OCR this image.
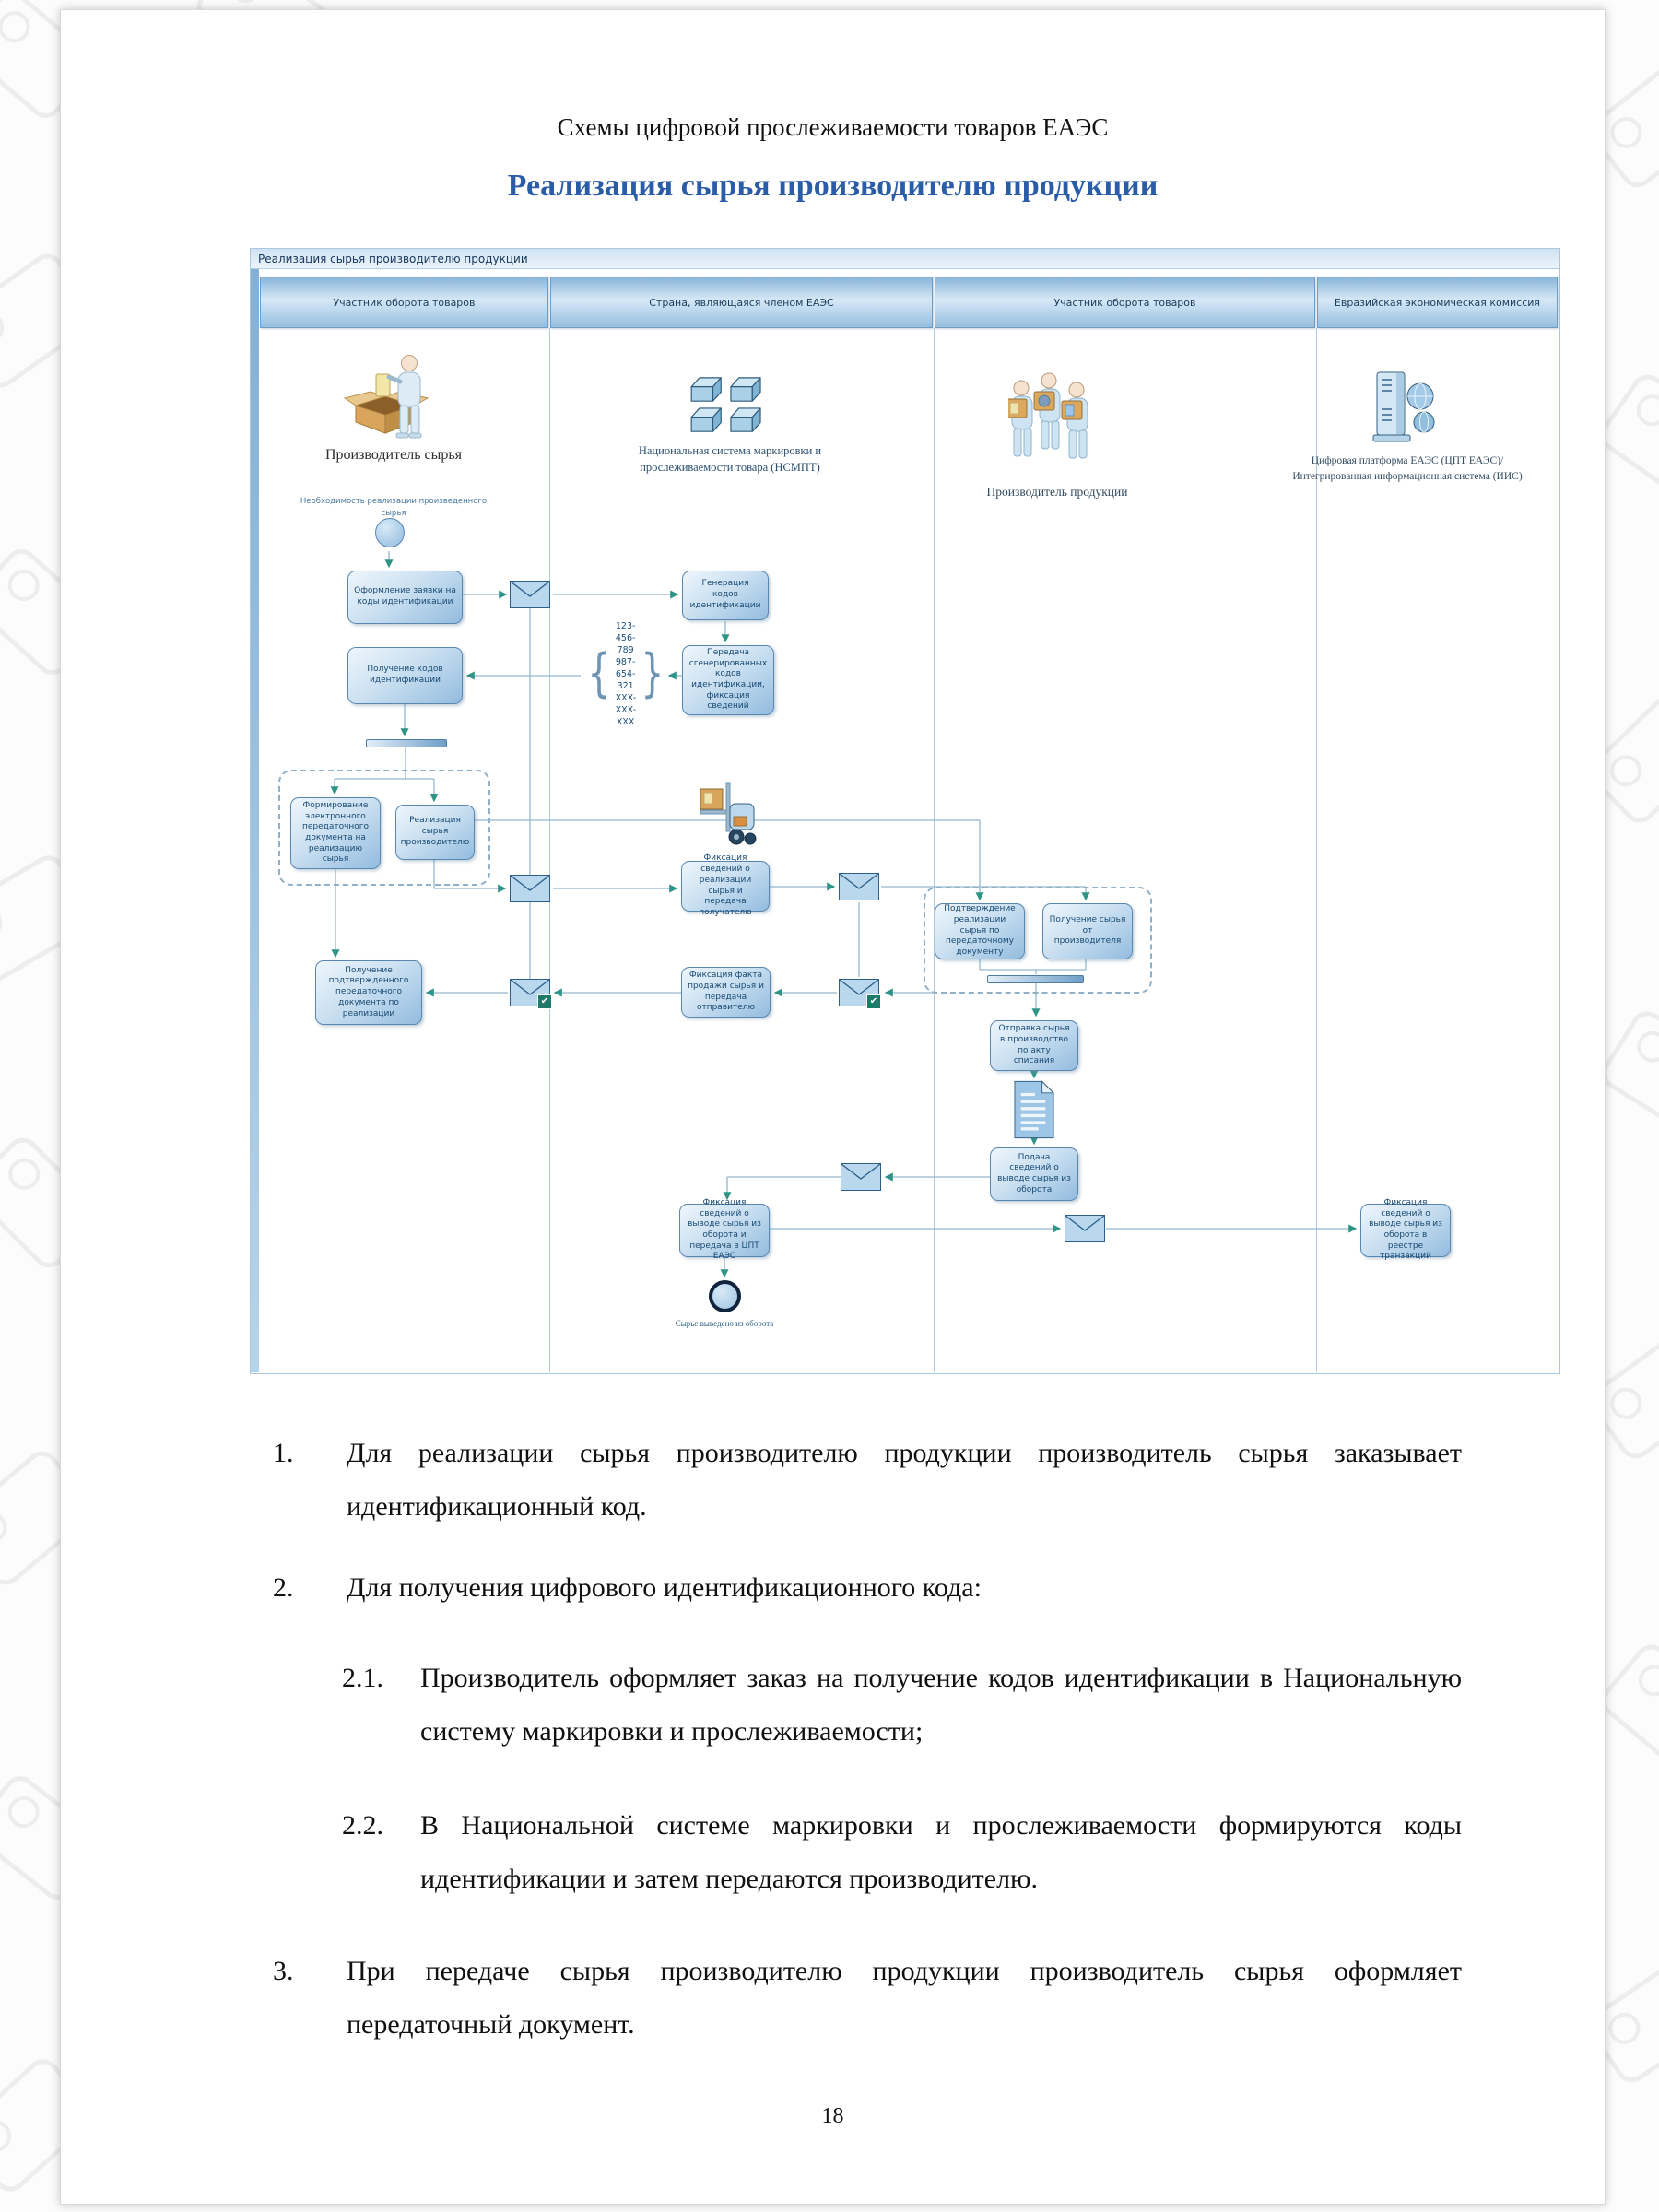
Схемы цифровой прослеживаемости товаров ЕАЭС
Реализация сырья производителю продукции
Реализация сырья производителю продукции
Участник оборота товаров	Страна, являющаяся членом ЕАЭС	Участник оборота товаров	Евразийская экономическая комиссия
Производитель сырья
Необходимость реализации произведенного сырья
Национальная система маркировки и прослеживаемости товара (НСМПТ)
Производитель продукции
Цифровая платформа ЕАЭС (ЦПТ ЕАЭС)/ Интегрированная информационная система (ИИС)
Оформление заявки на коды идентификации
Получение кодов идентификации
Формирование электронного передаточного документа на реализацию сырья
Реализация сырья производителю
Получение подтвержденного передаточного документа по реализации
Генерация кодов идентификации
Передача сгенерированных кодов идентификации, фиксация сведений
{
123-456-789
987-654-321
XXX-XXX-XXX
}
Фиксация сведений о реализации сырья и передача получателю
Фиксация факта продажи сырья и передача отправителю
Фиксация сведений о выводе сырья из оборота и передача в ЦПТ ЕАЭС
Сырье выведено из оборота
Подтверждение реализации сырья по передаточному документу
Получение сырья от производителя
Отправка сырья в производство по акту списания
Подача сведений о выводе сырья из оборота
Фиксация сведений о выводе сырья из оборота в реестре транзакций
✔	✔
1.	Для реализации сырья производителю продукции производитель сырья заказывает идентификационный код.
2.	Для получения цифрового идентификационного кода:
2.1.	Производитель оформляет заказ на получение кодов идентификации в Национальную систему маркировки и прослеживаемости;
2.2.	В Национальной системе маркировки и прослеживаемости формируются коды идентификации и затем передаются производителю.
3.	При передаче сырья производителю продукции производитель сырья оформляет передаточный документ.
18
